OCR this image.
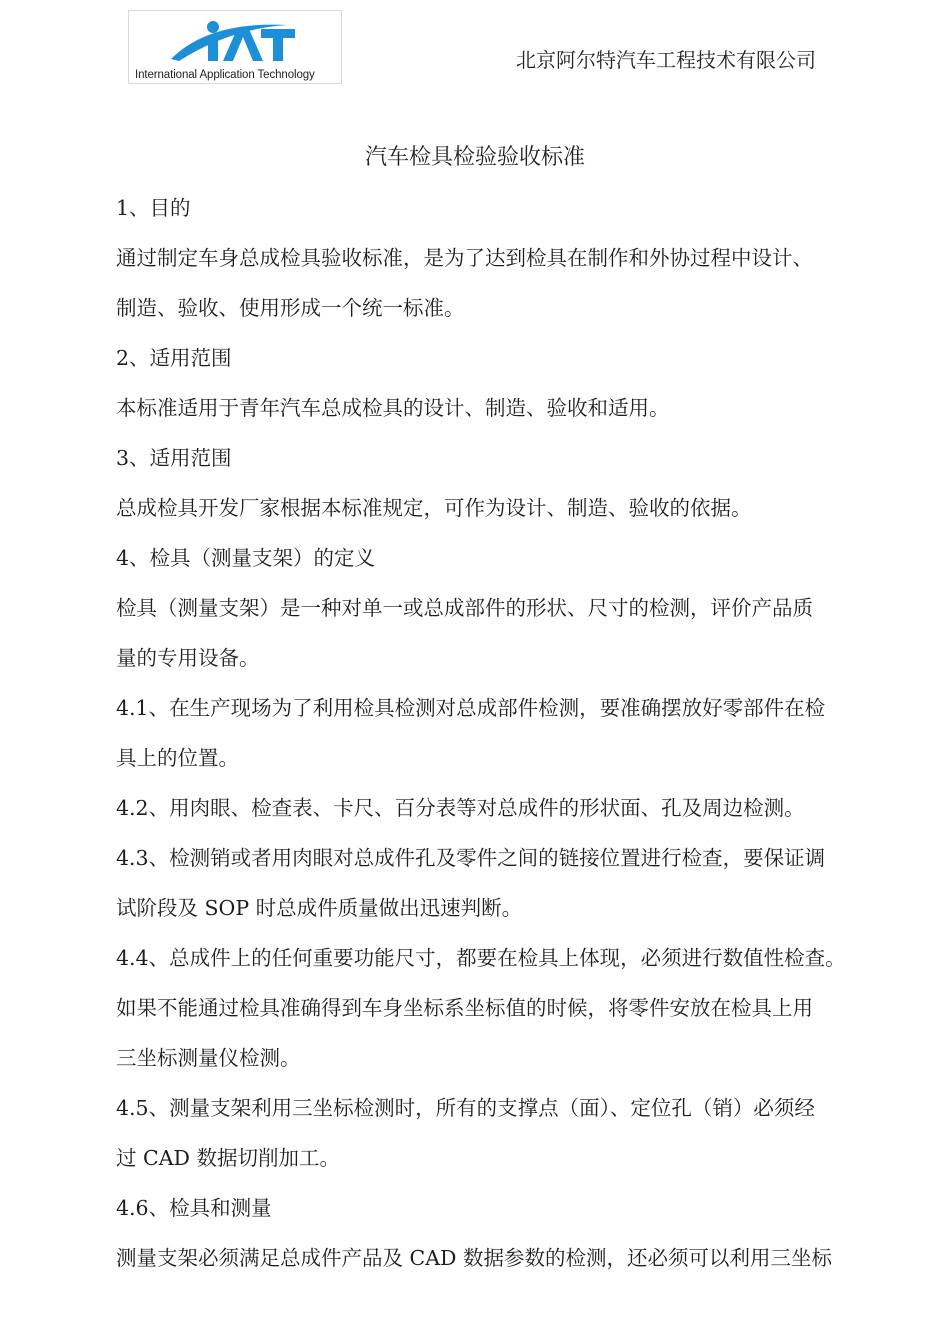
International Application Technology
北京阿尔特汽车工程技术有限公司
汽车检具检验验收标准
1、目的
通过制定车身总成检具验收标准，是为了达到检具在制作和外协过程中设计、
制造、验收、使用形成一个统一标准。
2、适用范围
本标准适用于青年汽车总成检具的设计、制造、验收和适用。
3、适用范围
总成检具开发厂家根据本标准规定，可作为设计、制造、验收的依据。
4、检具（测量支架）的定义
检具（测量支架）是一种对单一或总成部件的形状、尺寸的检测，评价产品质
量的专用设备。
4.1、在生产现场为了利用检具检测对总成部件检测，要准确摆放好零部件在检
具上的位置。
4.2、用肉眼、检查表、卡尺、百分表等对总成件的形状面、孔及周边检测。
4.3、检测销或者用肉眼对总成件孔及零件之间的链接位置进行检查，要保证调
试阶段及 SOP 时总成件质量做出迅速判断。
4.4、总成件上的任何重要功能尺寸，都要在检具上体现，必须进行数值性检查。
如果不能通过检具准确得到车身坐标系坐标值的时候，将零件安放在检具上用
三坐标测量仪检测。
4.5、测量支架利用三坐标检测时，所有的支撑点（面）、定位孔（销）必须经
过 CAD 数据切削加工。
4.6、检具和测量
测量支架必须满足总成件产品及 CAD 数据参数的检测，还必须可以利用三坐标
